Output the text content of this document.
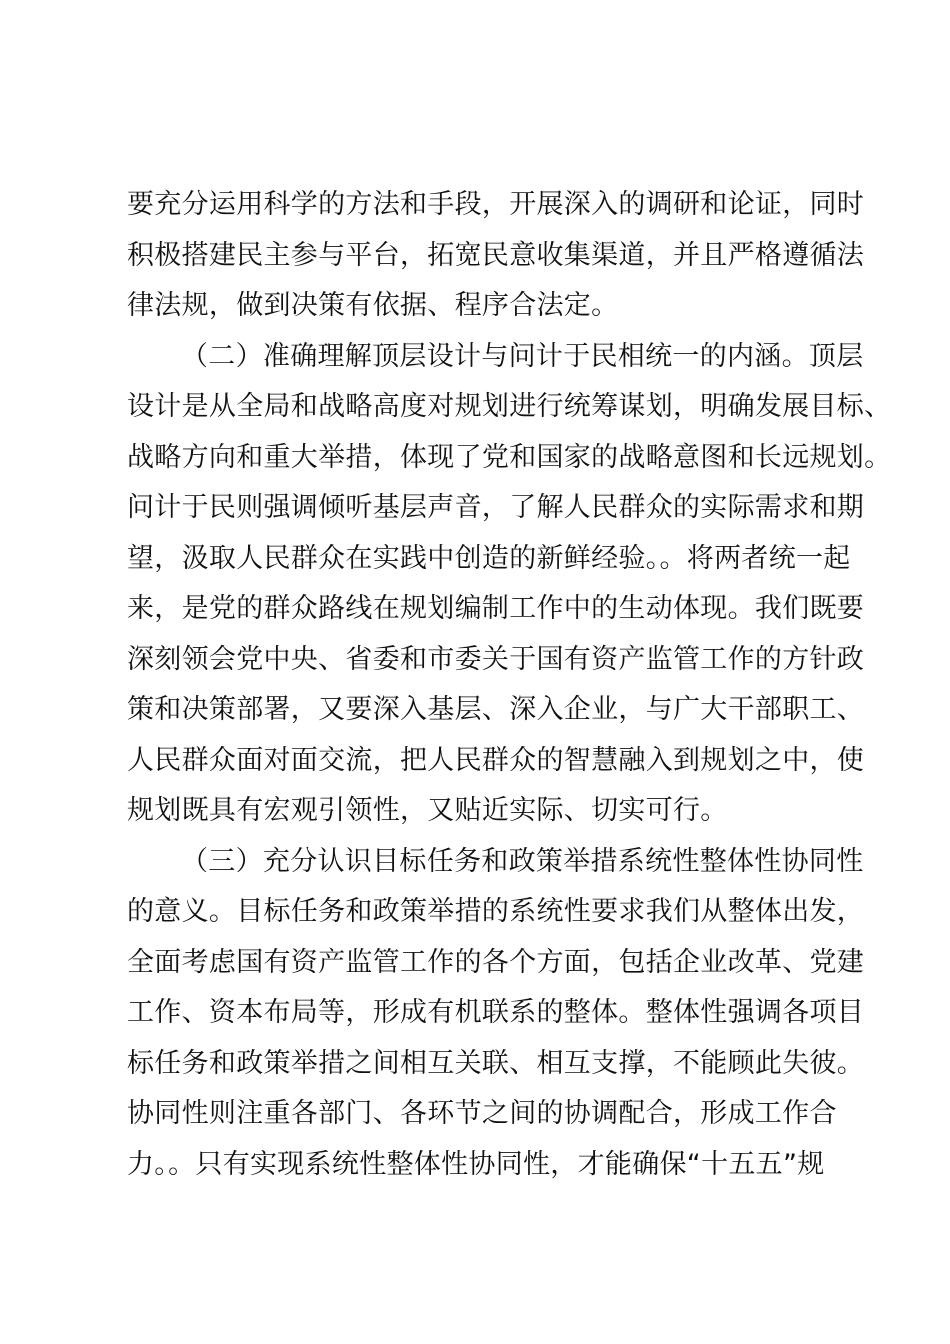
要充分运用科学的方法和手段，开展深入的调研和论证，同时
积极搭建民主参与平台，拓宽民意收集渠道，并且严格遵循法
律法规，做到决策有依据、程序合法定。
（二）准确理解顶层设计与问计于民相统一的内涵。顶层
设计是从全局和战略高度对规划进行统筹谋划，明确发展目标、
战略方向和重大举措，体现了党和国家的战略意图和长远规划。
问计于民则强调倾听基层声音，了解人民群众的实际需求和期
望，汲取人民群众在实践中创造的新鲜经验。。将两者统一起
来，是党的群众路线在规划编制工作中的生动体现。我们既要
深刻领会党中央、省委和市委关于国有资产监管工作的方针政
策和决策部署，又要深入基层、深入企业，与广大干部职工、
人民群众面对面交流，把人民群众的智慧融入到规划之中，使
规划既具有宏观引领性，又贴近实际、切实可行。
（三）充分认识目标任务和政策举措系统性整体性协同性
的意义。目标任务和政策举措的系统性要求我们从整体出发，
全面考虑国有资产监管工作的各个方面，包括企业改革、党建
工作、资本布局等，形成有机联系的整体。整体性强调各项目
标任务和政策举措之间相互关联、相互支撑，不能顾此失彼。
协同性则注重各部门、各环节之间的协调配合，形成工作合
力。。只有实现系统性整体性协同性，才能确保“十五五”规
